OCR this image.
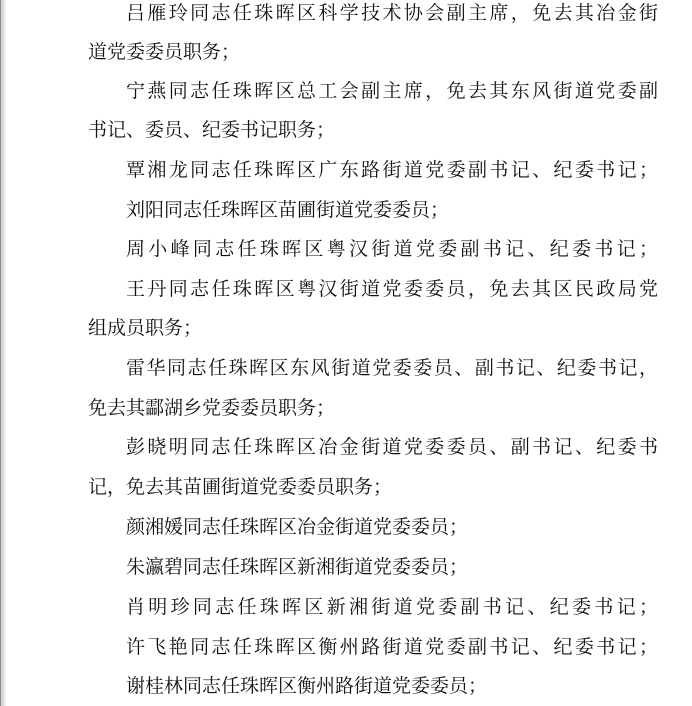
吕雁玲同志任珠晖区科学技术协会副主席，免去其冶金街
道党委委员职务；
宁燕同志任珠晖区总工会副主席，免去其东风街道党委副
书记、委员、纪委书记职务；
覃湘龙同志任珠晖区广东路街道党委副书记、纪委书记；
刘阳同志任珠晖区苗圃街道党委委员；
周小峰同志任珠晖区粤汉街道党委副书记、纪委书记；
王丹同志任珠晖区粤汉街道党委委员，免去其区民政局党
组成员职务；
雷华同志任珠晖区东风街道党委委员、副书记、纪委书记，
免去其酃湖乡党委委员职务；
彭晓明同志任珠晖区冶金街道党委委员、副书记、纪委书
记，免去其苗圃街道党委委员职务；
颜湘媛同志任珠晖区冶金街道党委委员；
朱瀛碧同志任珠晖区新湘街道党委委员；
肖明珍同志任珠晖区新湘街道党委副书记、纪委书记；
许飞艳同志任珠晖区衡州路街道党委副书记、纪委书记；
谢桂林同志任珠晖区衡州路街道党委委员；
